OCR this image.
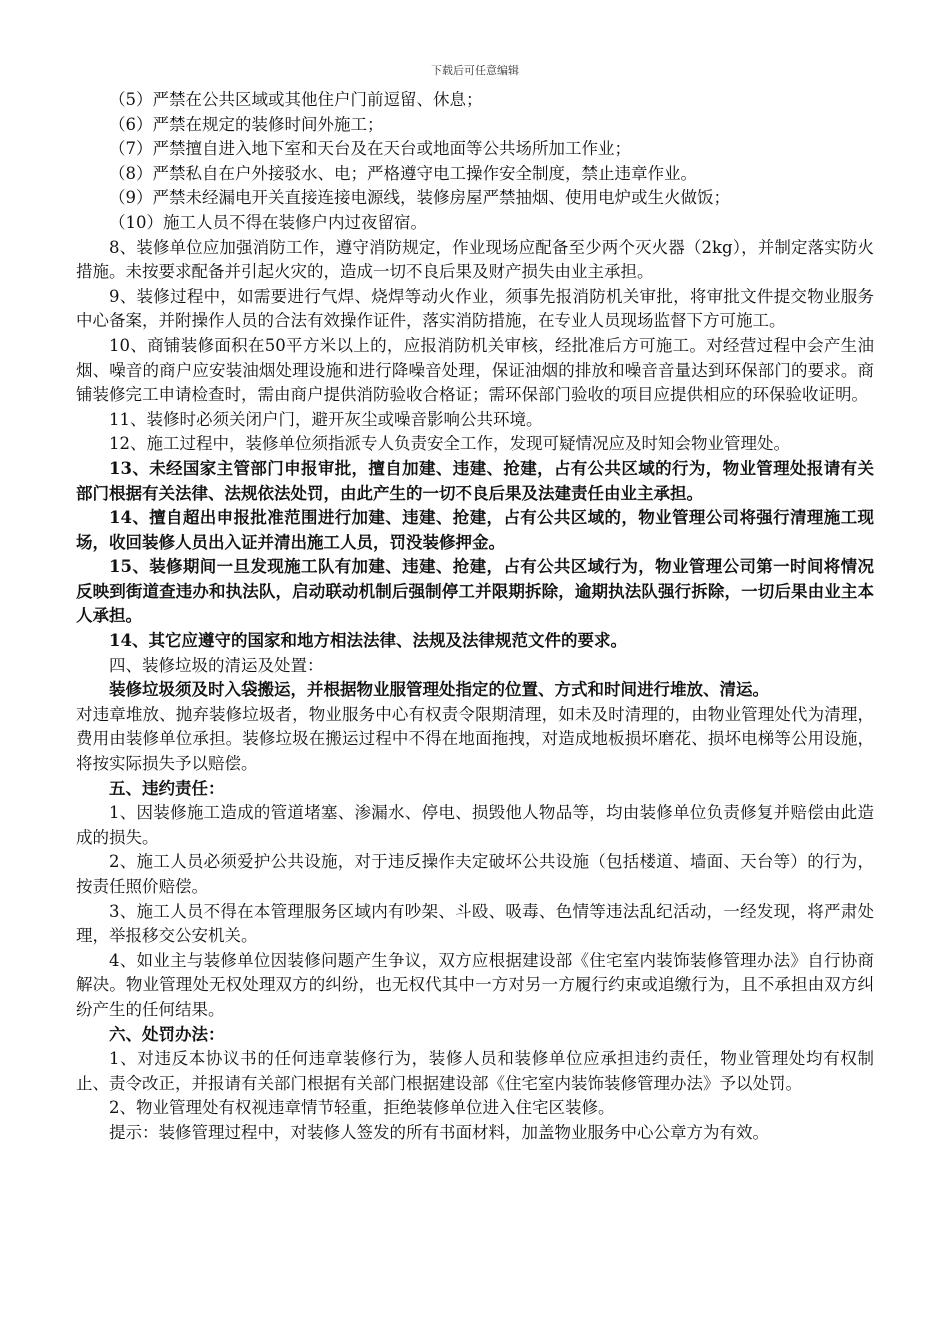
下载后可任意编辑

（5）严禁在公共区域或其他住户门前逗留、休息；

（6）严禁在规定的装修时间外施工；

（7）严禁擅自进入地下室和天台及在天台或地面等公共场所加工作业；

（8）严禁私自在户外接驳水、电；严格遵守电工操作安全制度，禁止违章作业。

（9）严禁未经漏电开关直接连接电源线，装修房屋严禁抽烟、使用电炉或生火做饭；

（10）施工人员不得在装修户内过夜留宿。

8、装修单位应加强消防工作，遵守消防规定，作业现场应配备至少两个灭火器（2kg），并制定落实防火措施。未按要求配备并引起火灾的，造成一切不良后果及财产损失由业主承担。

9、装修过程中，如需要进行气焊、烧焊等动火作业，须事先报消防机关审批，将审批文件提交物业服务中心备案，并附操作人员的合法有效操作证件，落实消防措施，在专业人员现场监督下方可施工。

10、商铺装修面积在50平方米以上的，应报消防机关审核，经批准后方可施工。对经营过程中会产生油烟、噪音的商户应安装油烟处理设施和进行降噪音处理，保证油烟的排放和噪音音量达到环保部门的要求。商铺装修完工申请检查时，需由商户提供消防验收合格证；需环保部门验收的项目应提供相应的环保验收证明。

11、装修时必须关闭户门，避开灰尘或噪音影响公共环境。

12、施工过程中，装修单位须指派专人负责安全工作，发现可疑情况应及时知会物业管理处。

13、未经国家主管部门申报审批，擅自加建、违建、抢建，占有公共区域的行为，物业管理处报请有关部门根据有关法律、法规依法处罚，由此产生的一切不良后果及法建责任由业主承担。

14、擅自超出申报批准范围进行加建、违建、抢建，占有公共区域的，物业管理公司将强行清理施工现场，收回装修人员出入证并清出施工人员，罚没装修押金。

15、装修期间一旦发现施工队有加建、违建、抢建，占有公共区域行为，物业管理公司第一时间将情况反映到街道查违办和执法队，启动联动机制后强制停工并限期拆除，逾期执法队强行拆除，一切后果由业主本人承担。

14、其它应遵守的国家和地方相法法律、法规及法律规范文件的要求。

四、装修垃圾的清运及处置：

装修垃圾须及时入袋搬运，并根据物业服管理处指定的位置、方式和时间进行堆放、清运。

对违章堆放、抛弃装修垃圾者，物业服务中心有权责令限期清理，如未及时清理的，由物业管理处代为清理，费用由装修单位承担。装修垃圾在搬运过程中不得在地面拖拽，对造成地板损坏磨花、损坏电梯等公用设施，将按实际损失予以赔偿。

五、违约责任：

1、因装修施工造成的管道堵塞、渗漏水、停电、损毁他人物品等，均由装修单位负责修复并赔偿由此造成的损失。

2、施工人员必须爱护公共设施，对于违反操作夫定破坏公共设施（包括楼道、墙面、天台等）的行为，按责任照价赔偿。

3、施工人员不得在本管理服务区域内有吵架、斗殴、吸毒、色情等违法乱纪活动，一经发现，将严肃处理，举报移交公安机关。

4、如业主与装修单位因装修问题产生争议，双方应根据建设部《住宅室内装饰装修管理办法》自行协商解决。物业管理处无权处理双方的纠纷，也无权代其中一方对另一方履行约束或追缴行为，且不承担由双方纠纷产生的任何结果。

六、处罚办法：

1、对违反本协议书的任何违章装修行为，装修人员和装修单位应承担违约责任，物业管理处均有权制止、责令改正，并报请有关部门根据有关部门根据建设部《住宅室内装饰装修管理办法》予以处罚。

2、物业管理处有权视违章情节轻重，拒绝装修单位进入住宅区装修。

提示：装修管理过程中，对装修人签发的所有书面材料，加盖物业服务中心公章方为有效。
